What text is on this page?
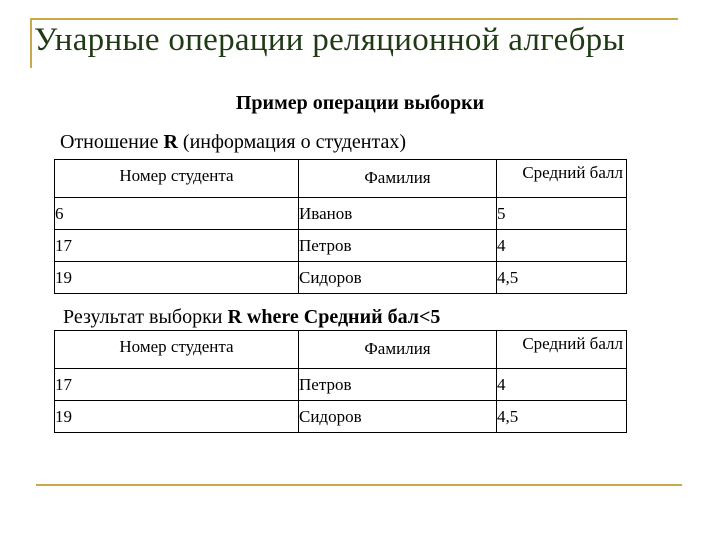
Унарные операции реляционной алгебры
Пример операции выборки
Отношение R (информация о студентах)
Номер студента	Фамилия	Средний балл
6	Иванов	5
17	Петров	4
19	Сидоров	4,5
Результат выборки R where Средний бал<5
Номер студента	Фамилия	Средний балл
17	Петров	4
19	Сидоров	4,5
